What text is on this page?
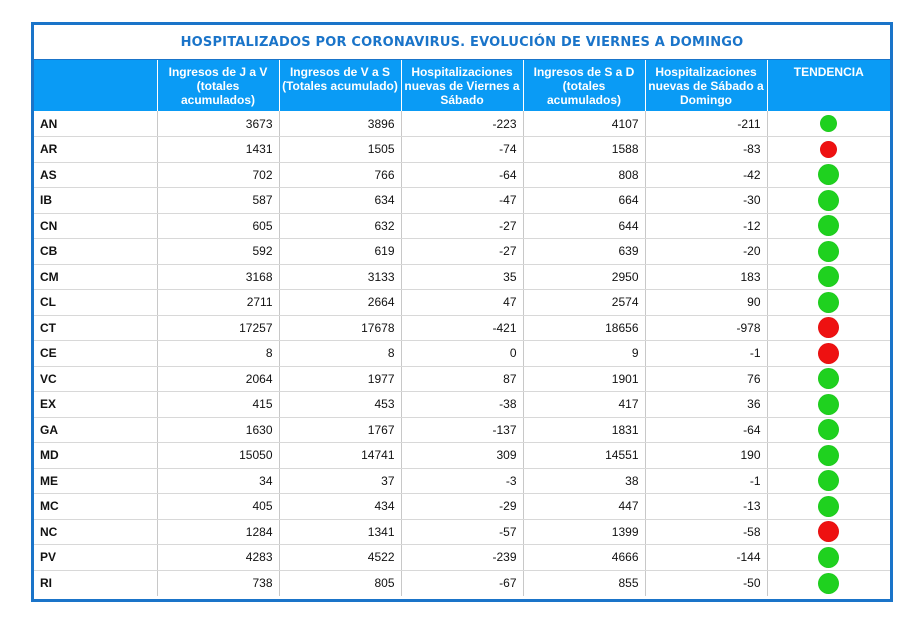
HOSPITALIZADOS POR CORONAVIRUS. EVOLUCIÓN DE VIERNES A DOMINGO
	Ingresos de J a V (totales acumulados)	Ingresos de V a S (Totales acumulado)	Hospitalizaciones nuevas de Viernes a Sábado	Ingresos de S a D (totales acumulados)	Hospitalizaciones nuevas de Sábado a Domingo	TENDENCIA
AN	3673	3896	-223	4107	-211	
AR	1431	1505	-74	1588	-83	
AS	702	766	-64	808	-42	
IB	587	634	-47	664	-30	
CN	605	632	-27	644	-12	
CB	592	619	-27	639	-20	
CM	3168	3133	35	2950	183	
CL	2711	2664	47	2574	90	
CT	17257	17678	-421	18656	-978	
CE	8	8	0	9	-1	
VC	2064	1977	87	1901	76	
EX	415	453	-38	417	36	
GA	1630	1767	-137	1831	-64	
MD	15050	14741	309	14551	190	
ME	34	37	-3	38	-1	
MC	405	434	-29	447	-13	
NC	1284	1341	-57	1399	-58	
PV	4283	4522	-239	4666	-144	
RI	738	805	-67	855	-50	
